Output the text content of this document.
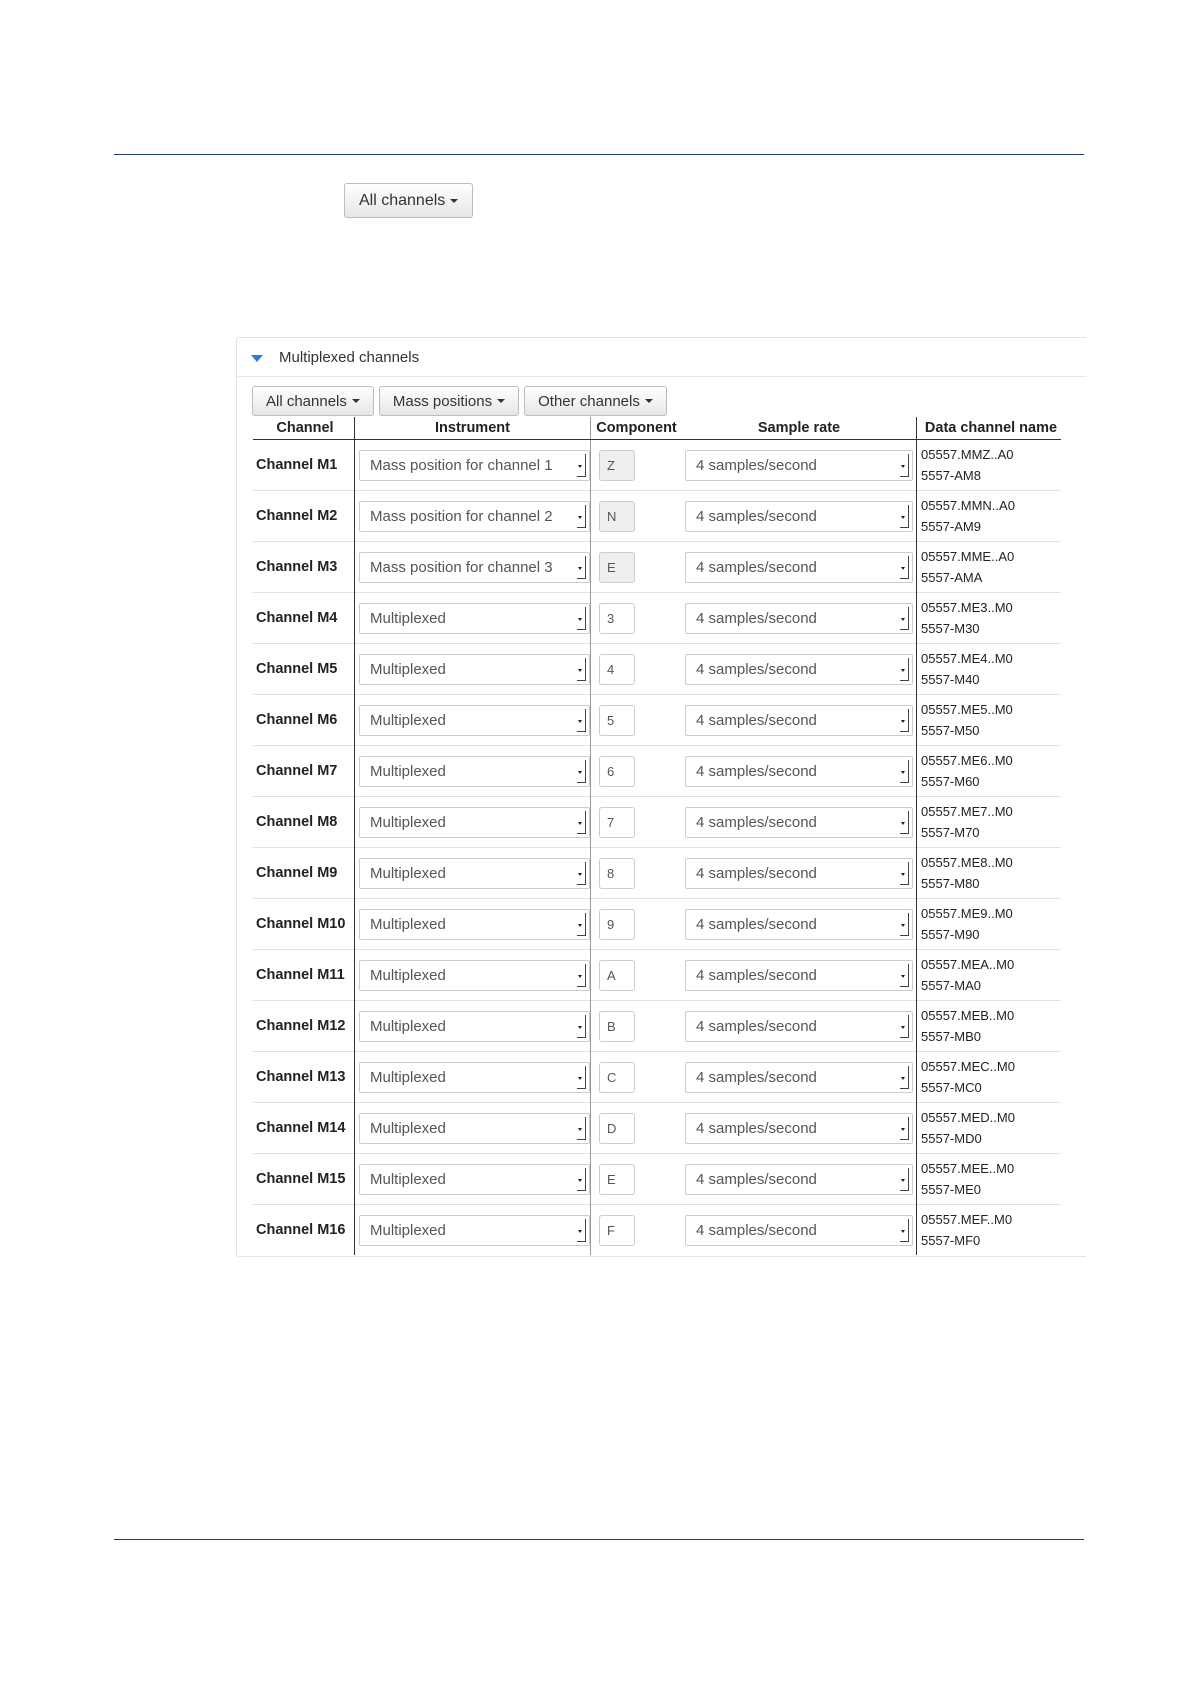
All channels
Multiplexed channels
All channels	Mass positions	Other channels
Channel	Instrument	Component	Sample rate	Data channel name
Channel M1	Mass position for channel 1	Z	4 samples/second	05557.MMZ..A0
5557-AM8

Channel M2	Mass position for channel 2	N	4 samples/second	05557.MMN..A0
5557-AM9

Channel M3	Mass position for channel 3	E	4 samples/second	05557.MME..A0
5557-AMA

Channel M4	Multiplexed	3	4 samples/second	05557.ME3..M0
5557-M30

Channel M5	Multiplexed	4	4 samples/second	05557.ME4..M0
5557-M40

Channel M6	Multiplexed	5	4 samples/second	05557.ME5..M0
5557-M50

Channel M7	Multiplexed	6	4 samples/second	05557.ME6..M0
5557-M60

Channel M8	Multiplexed	7	4 samples/second	05557.ME7..M0
5557-M70

Channel M9	Multiplexed	8	4 samples/second	05557.ME8..M0
5557-M80

Channel M10	Multiplexed	9	4 samples/second	05557.ME9..M0
5557-M90

Channel M11	Multiplexed	A	4 samples/second	05557.MEA..M0
5557-MA0

Channel M12	Multiplexed	B	4 samples/second	05557.MEB..M0
5557-MB0

Channel M13	Multiplexed	C	4 samples/second	05557.MEC..M0
5557-MC0

Channel M14	Multiplexed	D	4 samples/second	05557.MED..M0
5557-MD0

Channel M15	Multiplexed	E	4 samples/second	05557.MEE..M0
5557-ME0

Channel M16	Multiplexed	F	4 samples/second	05557.MEF..M0
5557-MF0
